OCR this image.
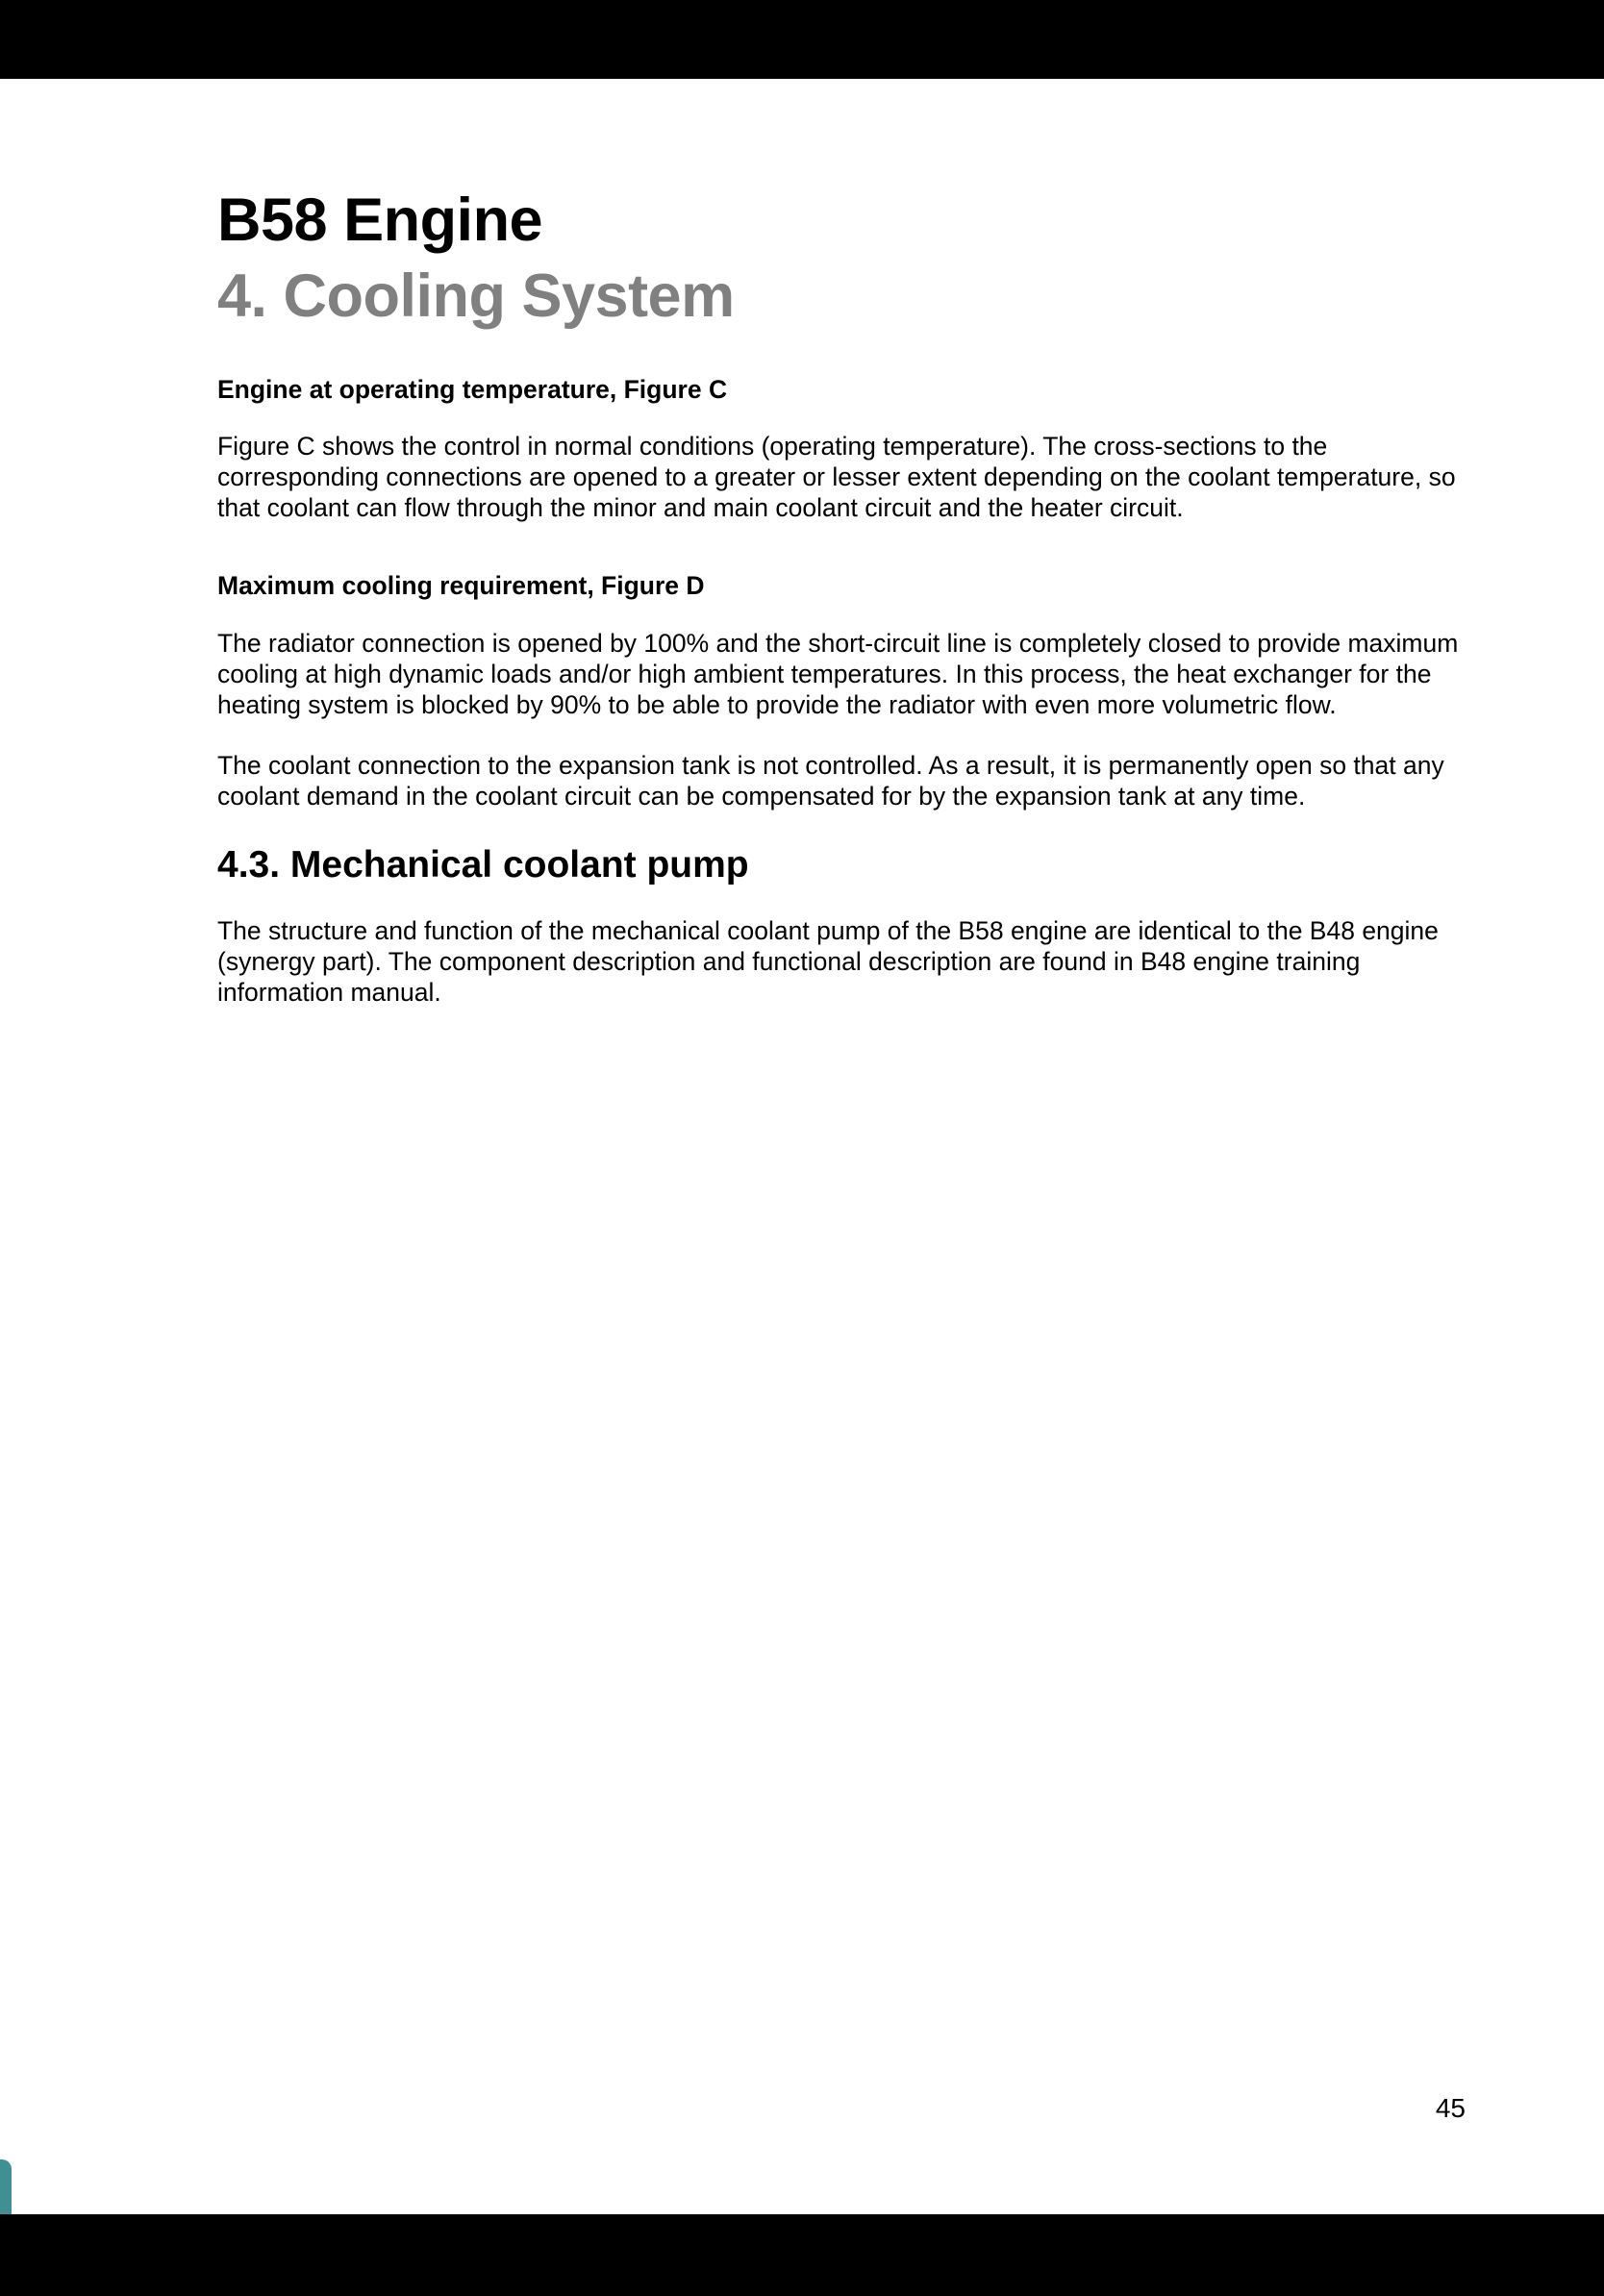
B58 Engine
4. Cooling System
Engine at operating temperature, Figure C

Figure C shows the control in normal conditions (operating temperature). The cross-sections to the corresponding connections are opened to a greater or lesser extent depending on the coolant temperature, so that coolant can flow through the minor and main coolant circuit and the heater circuit.

Maximum cooling requirement, Figure D

The radiator connection is opened by 100% and the short-circuit line is completely closed to provide maximum cooling at high dynamic loads and/or high ambient temperatures. In this process, the heat exchanger for the heating system is blocked by 90% to be able to provide the radiator with even more volumetric flow.

The coolant connection to the expansion tank is not controlled. As a result, it is permanently open so that any coolant demand in the coolant circuit can be compensated for by the expansion tank at any time.

4.3. Mechanical coolant pump

The structure and function of the mechanical coolant pump of the B58 engine are identical to the B48 engine (synergy part). The component description and functional description are found in B48 engine training information manual.

45
